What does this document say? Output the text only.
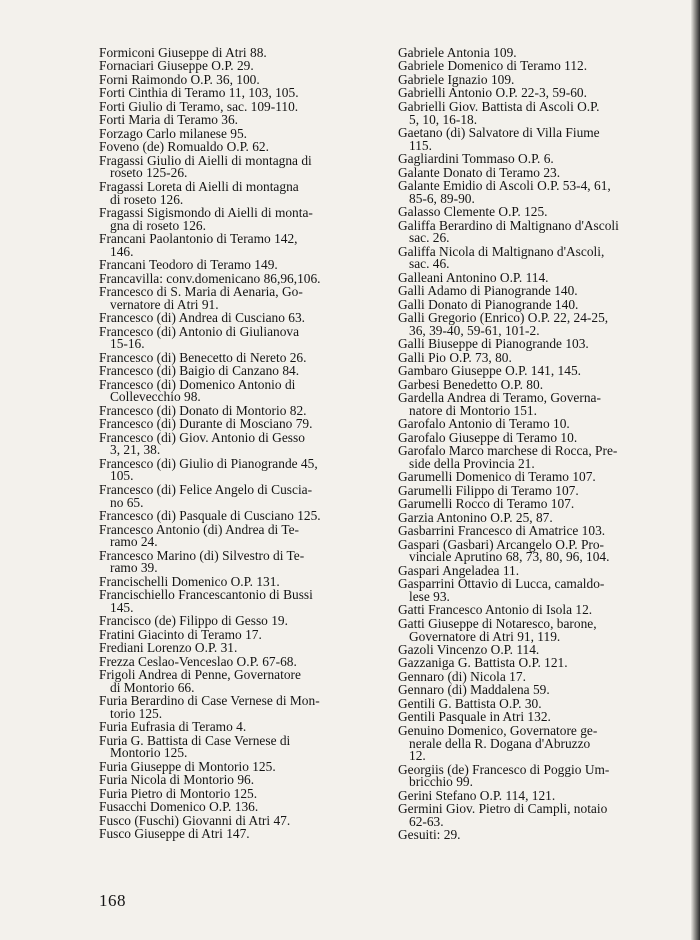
Formiconi Giuseppe di Atri 88.
Fornaciari Giuseppe O.P. 29.
Forni Raimondo O.P. 36, 100.
Forti Cinthia di Teramo 11, 103, 105.
Forti Giulio di Teramo, sac. 109-110.
Forti Maria di Teramo 36.
Forzago Carlo milanese 95.
Foveno (de) Romualdo O.P. 62.
Fragassi Giulio di Aielli di montagna di
roseto 125-26.
Fragassi Loreta di Aielli di montagna
di roseto 126.
Fragassi Sigismondo di Aielli di monta-
gna di roseto 126.
Francani Paolantonio di Teramo 142,
146.
Francani Teodoro di Teramo 149.
Francavilla: conv.domenicano 86,96,106.
Francesco di S. Maria di Aenaria, Go-
vernatore di Atri 91.
Francesco (di) Andrea di Cusciano 63.
Francesco (di) Antonio di Giulianova
15-16.
Francesco (di) Benecetto di Nereto 26.
Francesco (di) Baigio di Canzano 84.
Francesco (di) Domenico Antonio di
Collevecchio 98.
Francesco (di) Donato di Montorio 82.
Francesco (di) Durante di Mosciano 79.
Francesco (di) Giov. Antonio di Gesso
3, 21, 38.
Francesco (di) Giulio di Pianogrande 45,
105.
Francesco (di) Felice Angelo di Cuscia-
no 65.
Francesco (di) Pasquale di Cusciano 125.
Francesco Antonio (di) Andrea di Te-
ramo 24.
Francesco Marino (di) Silvestro di Te-
ramo 39.
Francischelli Domenico O.P. 131.
Francischiello Francescantonio di Bussi
145.
Francisco (de) Filippo di Gesso 19.
Fratini Giacinto di Teramo 17.
Frediani Lorenzo O.P. 31.
Frezza Ceslao-Venceslao O.P. 67-68.
Frigoli Andrea di Penne, Governatore
di Montorio 66.
Furia Berardino di Case Vernese di Mon-
torio 125.
Furia Eufrasia di Teramo 4.
Furia G. Battista di Case Vernese di
Montorio 125.
Furia Giuseppe di Montorio 125.
Furia Nicola di Montorio 96.
Furia Pietro di Montorio 125.
Fusacchi Domenico O.P. 136.
Fusco (Fuschi) Giovanni di Atri 47.
Fusco Giuseppe di Atri 147.
Gabriele Antonia 109.
Gabriele Domenico di Teramo 112.
Gabriele Ignazio 109.
Gabrielli Antonio O.P. 22-3, 59-60.
Gabrielli Giov. Battista di Ascoli O.P.
5, 10, 16-18.
Gaetano (di) Salvatore di Villa Fiume
115.
Gagliardini Tommaso O.P. 6.
Galante Donato di Teramo 23.
Galante Emidio di Ascoli O.P. 53-4, 61,
85-6, 89-90.
Galasso Clemente O.P. 125.
Galiffa Berardino di Maltignano d'Ascoli
sac. 26.
Galiffa Nicola di Maltignano d'Ascoli,
sac. 46.
Galleani Antonino O.P. 114.
Galli Adamo di Pianogrande 140.
Galli Donato di Pianogrande 140.
Galli Gregorio (Enrico) O.P. 22, 24-25,
36, 39-40, 59-61, 101-2.
Galli Biuseppe di Pianogrande 103.
Galli Pio O.P. 73, 80.
Gambaro Giuseppe O.P. 141, 145.
Garbesi Benedetto O.P. 80.
Gardella Andrea di Teramo, Governa-
natore di Montorio 151.
Garofalo Antonio di Teramo 10.
Garofalo Giuseppe di Teramo 10.
Garofalo Marco marchese di Rocca, Pre-
side della Provincia 21.
Garumelli Domenico di Teramo 107.
Garumelli Filippo di Teramo 107.
Garumelli Rocco di Teramo 107.
Garzia Antonino O.P. 25, 87.
Gasbarrini Francesco di Amatrice 103.
Gaspari (Gasbari) Arcangelo O.P. Pro-
vinciale Aprutino 68, 73, 80, 96, 104.
Gaspari Angeladea 11.
Gasparrini Ottavio di Lucca, camaldo-
lese 93.
Gatti Francesco Antonio di Isola 12.
Gatti Giuseppe di Notaresco, barone,
Governatore di Atri 91, 119.
Gazoli Vincenzo O.P. 114.
Gazzaniga G. Battista O.P. 121.
Gennaro (di) Nicola 17.
Gennaro (di) Maddalena 59.
Gentili G. Battista O.P. 30.
Gentili Pasquale in Atri 132.
Genuino Domenico, Governatore ge-
nerale della R. Dogana d'Abruzzo
12.
Georgiis (de) Francesco di Poggio Um-
bricchio 99.
Gerini Stefano O.P. 114, 121.
Germini Giov. Pietro di Campli, notaio
62-63.
Gesuiti: 29.
168
